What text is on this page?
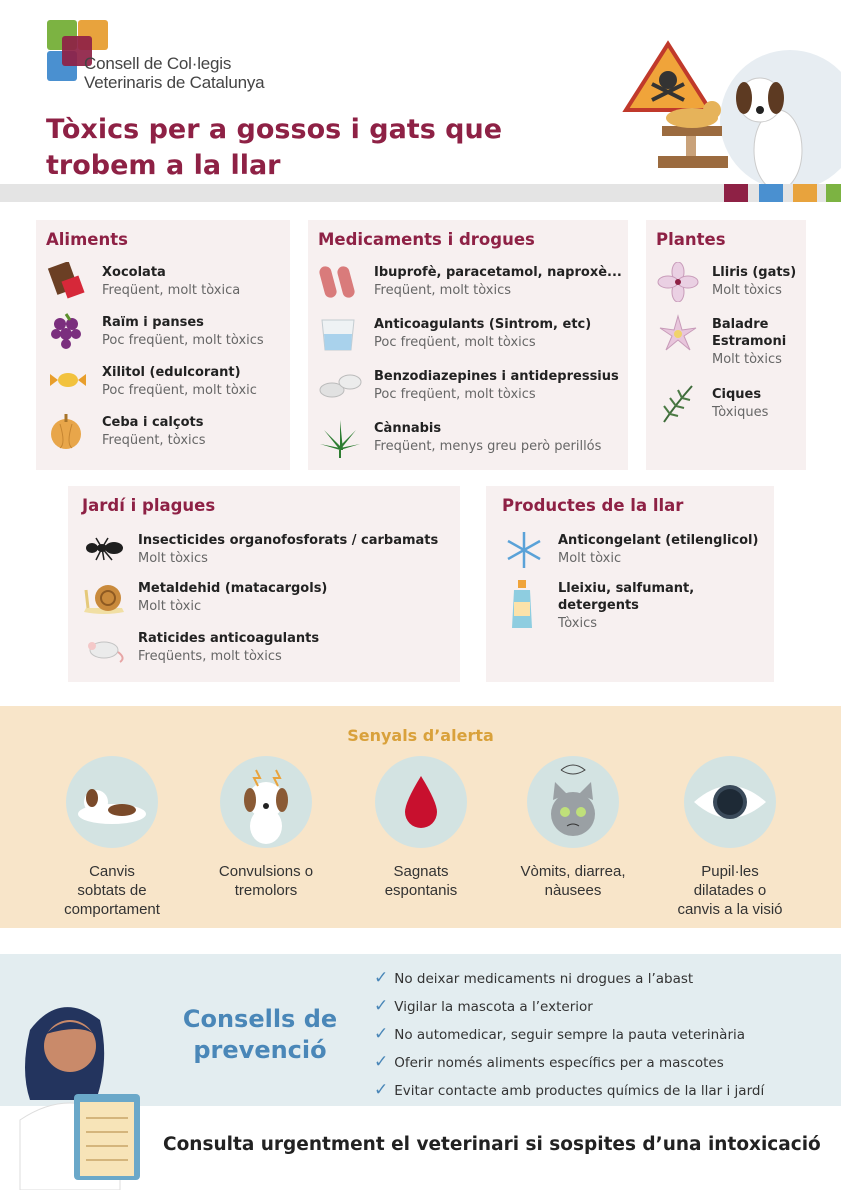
Consell de Col·legis
Veterinaris de Catalunya
Tòxics per a gossos i gats que
trobem a la llar
Aliments
Xocolata
Freqüent, molt tòxica
Raïm i panses
Poc freqüent, molt tòxics
Xilitol (edulcorant)
Poc freqüent, molt tòxic
Ceba i calçots
Freqüent, tòxics
Medicaments i drogues
Ibuprofè, paracetamol, naproxè...
Freqüent, molt tòxics
Anticoagulants (Sintrom, etc)
Poc freqüent, molt tòxics
Benzodiazepines i antidepressius
Poc freqüent, molt tòxics
Cànnabis
Freqüent, menys greu però perillós
Plantes
Lliris (gats)
Molt tòxics
Baladre
Estramoni
Molt tòxics
Ciques
Tòxiques
Jardí i plagues
Insecticides organofosforats / carbamats
Molt tòxics
Metaldehid (matacargols)
Molt tòxic
Raticides anticoagulants
Freqüents, molt tòxics
Productes de la llar
Anticongelant (etilenglicol)
Molt tòxic
Lleixiu, salfumant,
detergents
Tòxics
Senyals d’alerta
Canvis
sobtats de
comportament
Convulsions o
tremolors
Sagnats
espontanis
Vòmits, diarrea,
nàusees
Pupil·les
dilatades o
canvis a la visió
Consells de
prevenció
✓ No deixar medicaments ni drogues a l’abast
✓ Vigilar la mascota a l’exterior
✓ No automedicar, seguir sempre la pauta veterinària
✓ Oferir només aliments específics per a mascotes
✓ Evitar contacte amb productes químics de la llar i jardí
Consulta urgentment el veterinari si sospites d’una intoxicació
